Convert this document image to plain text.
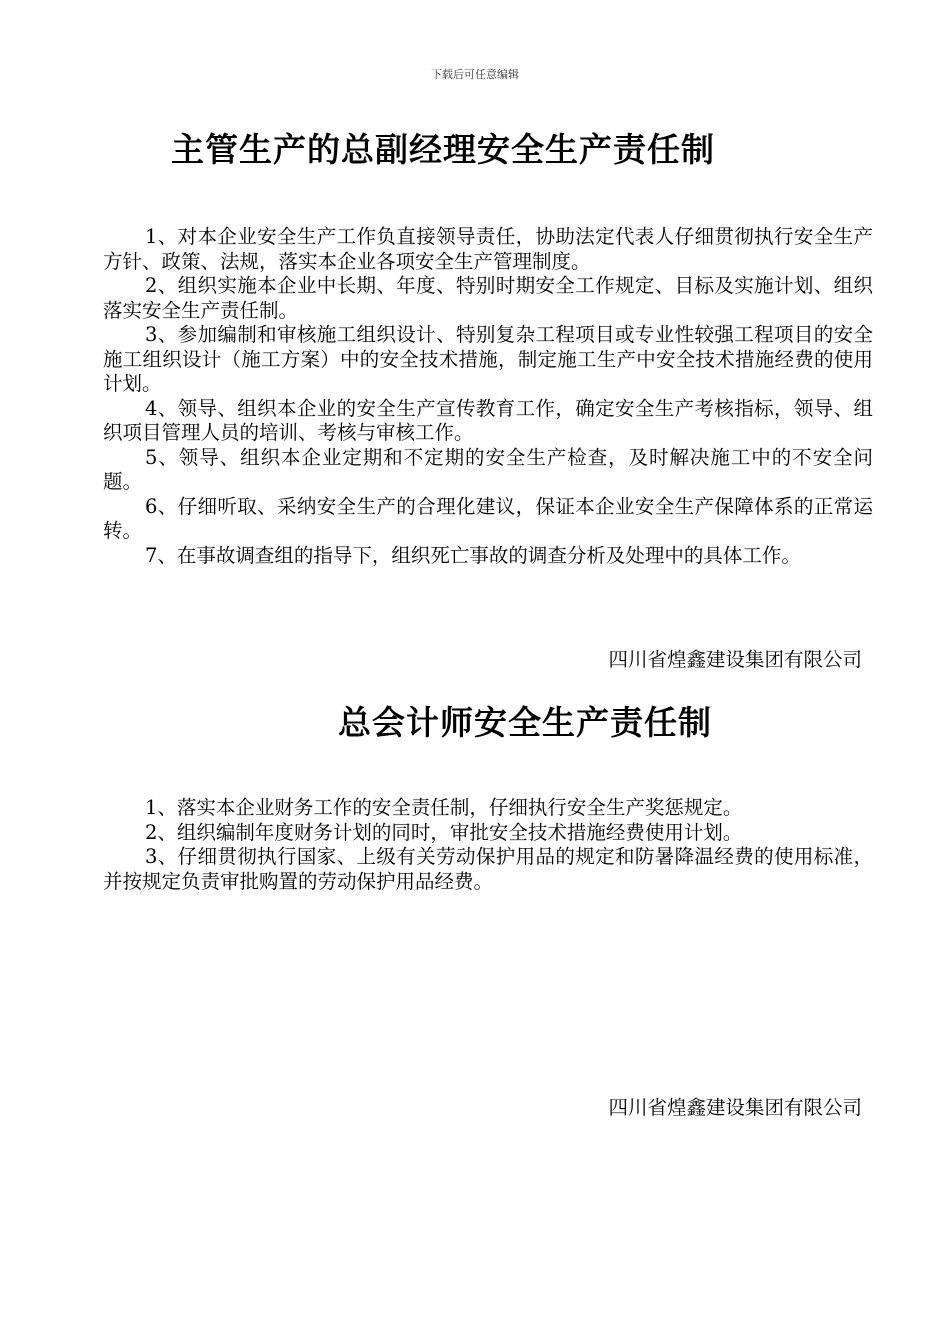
下载后可任意编辑
主管生产的总副经理安全生产责任制

1、对本企业安全生产工作负直接领导责任，协助法定代表人仔细贯彻执行安全生产方针、政策、法规，落实本企业各项安全生产管理制度。

2、组织实施本企业中长期、年度、特别时期安全工作规定、目标及实施计划、组织落实安全生产责任制。

3、参加编制和审核施工组织设计、特别复杂工程项目或专业性较强工程项目的安全施工组织设计（施工方案）中的安全技术措施，制定施工生产中安全技术措施经费的使用计划。

4、领导、组织本企业的安全生产宣传教育工作，确定安全生产考核指标，领导、组织项目管理人员的培训、考核与审核工作。

5、领导、组织本企业定期和不定期的安全生产检查，及时解决施工中的不安全问题。

6、仔细听取、采纳安全生产的合理化建议，保证本企业安全生产保障体系的正常运转。

7、在事故调查组的指导下，组织死亡事故的调查分析及处理中的具体工作。

四川省煌鑫建设集团有限公司
总会计师安全生产责任制

1、落实本企业财务工作的安全责任制，仔细执行安全生产奖惩规定。

2、组织编制年度财务计划的同时，审批安全技术措施经费使用计划。

3、仔细贯彻执行国家、上级有关劳动保护用品的规定和防暑降温经费的使用标准，并按规定负责审批购置的劳动保护用品经费。

四川省煌鑫建设集团有限公司
